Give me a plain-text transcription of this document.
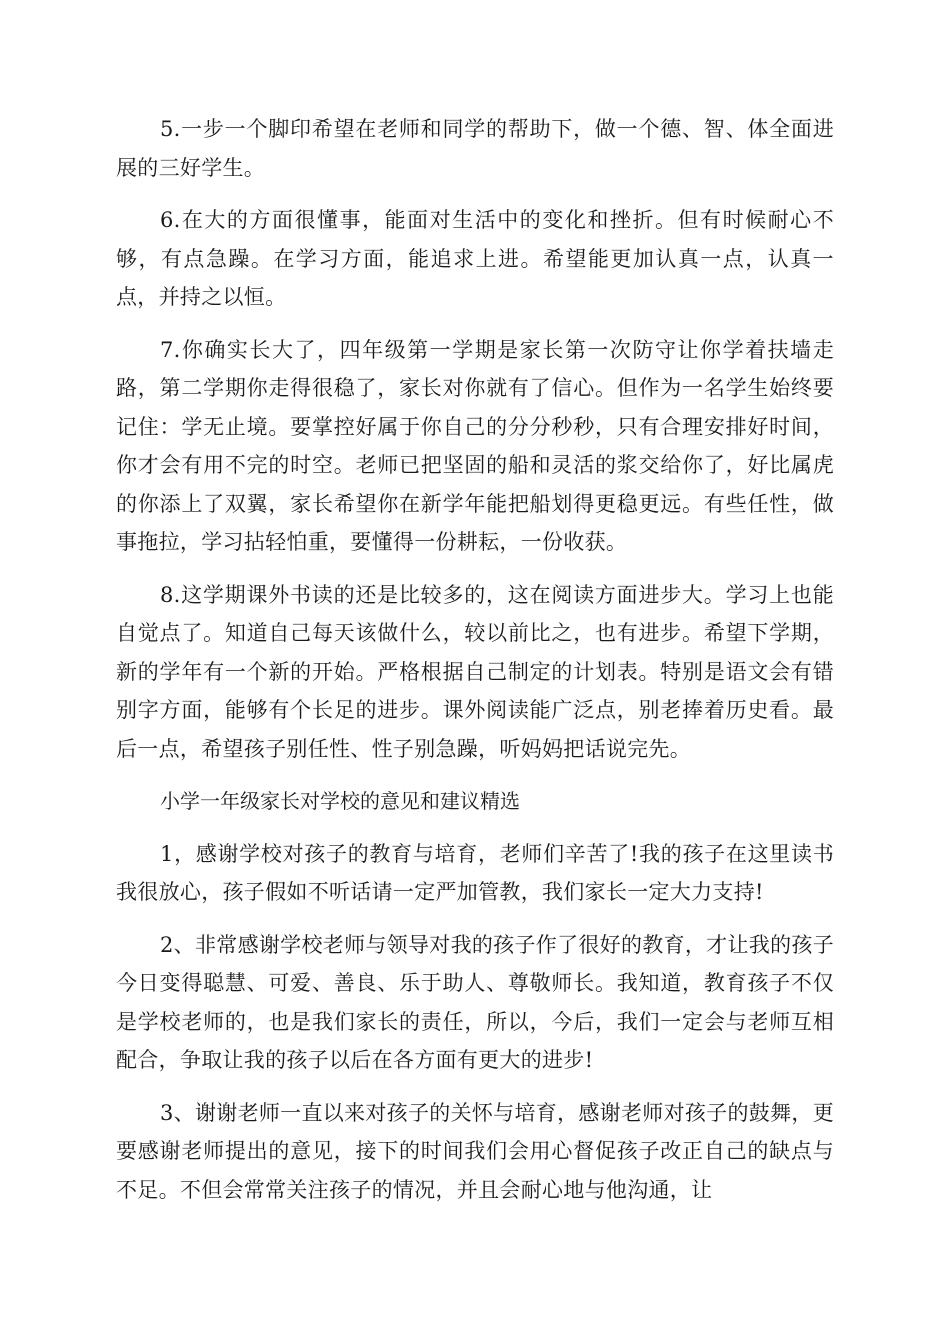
5.一步一个脚印希望在老师和同学的帮助下，做一个德、智、体全面进展的三好学生。

6.在大的方面很懂事，能面对生活中的变化和挫折。但有时候耐心不够，有点急躁。在学习方面，能追求上进。希望能更加认真一点，认真一点，并持之以恒。

7.你确实长大了，四年级第一学期是家长第一次防守让你学着扶墙走路，第二学期你走得很稳了，家长对你就有了信心。但作为一名学生始终要记住：学无止境。要掌控好属于你自己的分分秒秒，只有合理安排好时间，你才会有用不完的时空。老师已把坚固的船和灵活的浆交给你了，好比属虎的你添上了双翼，家长希望你在新学年能把船划得更稳更远。有些任性，做事拖拉，学习拈轻怕重，要懂得一份耕耘，一份收获。

8.这学期课外书读的还是比较多的，这在阅读方面进步大。学习上也能自觉点了。知道自己每天该做什么，较以前比之，也有进步。希望下学期，新的学年有一个新的开始。严格根据自己制定的计划表。特别是语文会有错别字方面，能够有个长足的进步。课外阅读能广泛点，别老捧着历史看。最后一点，希望孩子别任性、性子别急躁，听妈妈把话说完先。

小学一年级家长对学校的意见和建议精选

1，感谢学校对孩子的教育与培育，老师们辛苦了!我的孩子在这里读书我很放心，孩子假如不听话请一定严加管教，我们家长一定大力支持!

2、非常感谢学校老师与领导对我的孩子作了很好的教育，才让我的孩子今日变得聪慧、可爱、善良、乐于助人、尊敬师长。我知道，教育孩子不仅是学校老师的，也是我们家长的责任，所以，今后，我们一定会与老师互相配合，争取让我的孩子以后在各方面有更大的进步!

3、谢谢老师一直以来对孩子的关怀与培育，感谢老师对孩子的鼓舞，更要感谢老师提出的意见，接下的时间我们会用心督促孩子改正自己的缺点与不足。不但会常常关注孩子的情况，并且会耐心地与他沟通，让
